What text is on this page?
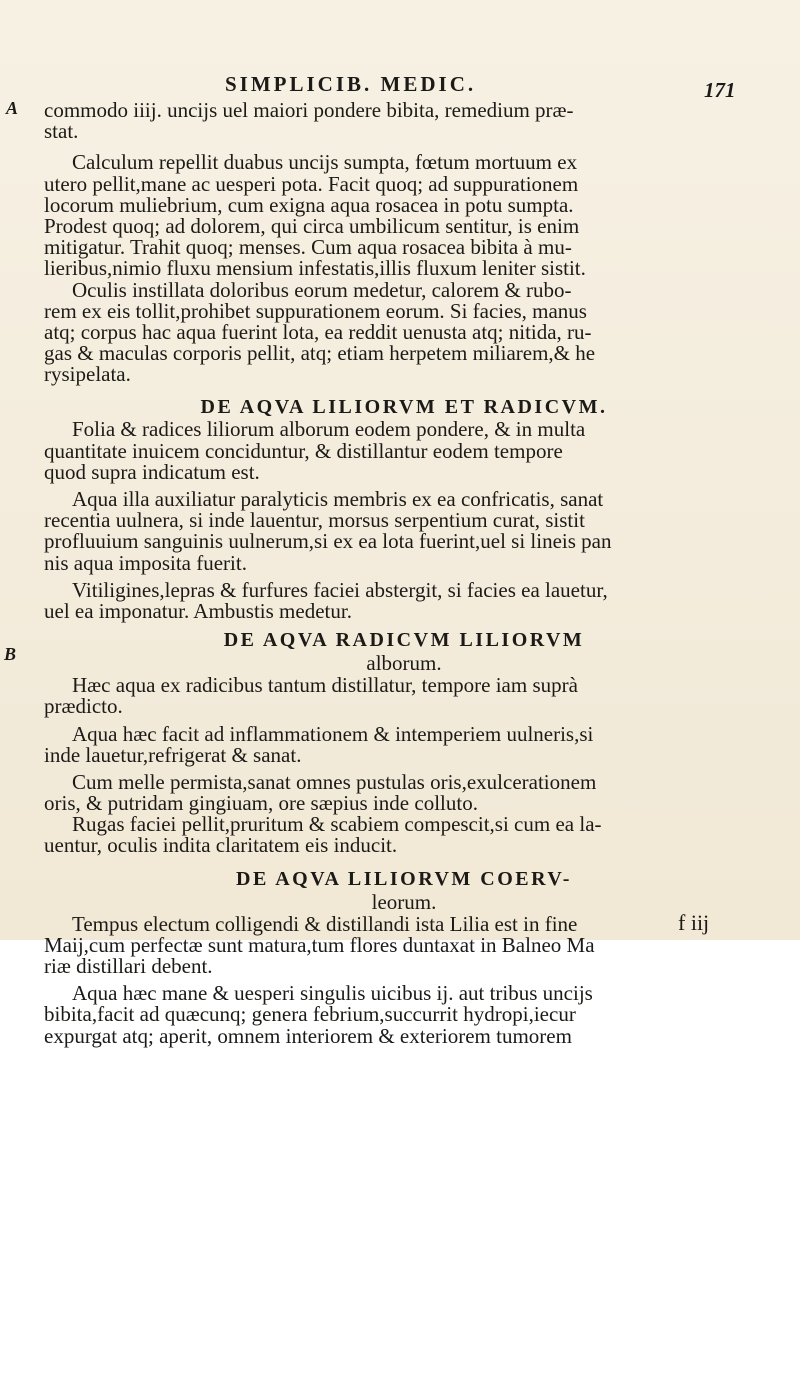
SIMPLICIB. MEDIC.	171
A
B
commodo iiij. uncijs uel maiori pondere bibita, remedium præ-
stat.
Calculum repellit duabus uncijs sumpta, fœtum mortuum ex
utero pellit,mane ac uesperi pota. Facit quoq; ad suppurationem
locorum muliebrium, cum exigna aqua rosacea in potu sumpta.
Prodest quoq; ad dolorem, qui circa umbilicum sentitur, is enim
mitigatur. Trahit quoq; menses. Cum aqua rosacea bibita à mu-
lieribus,nimio fluxu mensium infestatis,illis fluxum leniter sistit.
Oculis instillata doloribus eorum medetur, calorem & rubo-
rem ex eis tollit,prohibet suppurationem eorum. Si facies, manus
atq; corpus hac aqua fuerint lota, ea reddit uenusta atq; nitida, ru-
gas & maculas corporis pellit, atq; etiam herpetem miliarem,& he
rysipelata.
DE AQVA LILIORVM ET RADICVM.
Folia & radices liliorum alborum eodem pondere, & in multa
quantitate inuicem conciduntur, & distillantur eodem tempore
quod supra indicatum est.
Aqua illa auxiliatur paralyticis membris ex ea confricatis, sanat
recentia uulnera, si inde lauentur, morsus serpentium curat, sistit
profluuium sanguinis uulnerum,si ex ea lota fuerint,uel si lineis pan
nis aqua imposita fuerit.
Vitiligines,lepras & furfures faciei abstergit, si facies ea lauetur,
uel ea imponatur. Ambustis medetur.
DE AQVA RADICVM LILIORVM
alborum.
Hæc aqua ex radicibus tantum distillatur, tempore iam suprà
prædicto.
Aqua hæc facit ad inflammationem & intemperiem uulneris,si
inde lauetur,refrigerat & sanat.
Cum melle permista,sanat omnes pustulas oris,exulcerationem
oris, & putridam gingiuam, ore sæpius inde colluto.
Rugas faciei pellit,pruritum & scabiem compescit,si cum ea la-
uentur, oculis indita claritatem eis inducit.
DE AQVA LILIORVM COERV-
leorum.
Tempus electum colligendi & distillandi ista Lilia est in fine
Maij,cum perfectæ sunt matura,tum flores duntaxat in Balneo Ma
riæ distillari debent.
Aqua hæc mane & uesperi singulis uicibus ij. aut tribus uncijs
bibita,facit ad quæcunq; genera febrium,succurrit hydropi,iecur
expurgat atq; aperit, omnem interiorem & exteriorem tumorem
f iij
